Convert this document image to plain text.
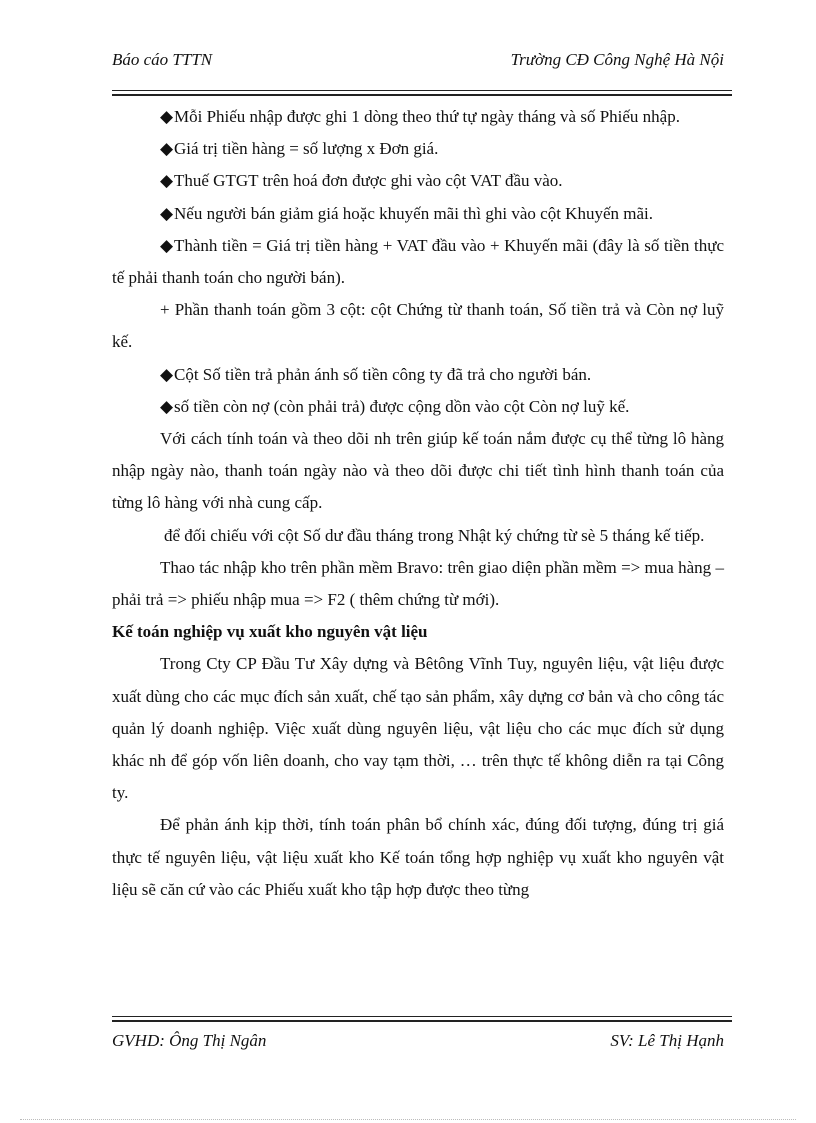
Báo cáo TTTN	Trường CĐ Công Nghệ Hà Nội

◆Mỗi Phiếu nhập được ghi 1 dòng theo thứ tự ngày tháng và số Phiếu nhập.

◆Giá trị tiền hàng = số lượng x Đơn giá.

◆Thuế GTGT trên hoá đơn được ghi vào cột VAT đầu vào.

◆Nếu người bán giảm giá hoặc khuyến mãi thì ghi vào cột Khuyến mãi.

◆Thành tiền = Giá trị tiền hàng + VAT đầu vào + Khuyến mãi (đây là số tiền thực tế phải thanh toán cho người bán).

+ Phần thanh toán gồm 3 cột: cột Chứng từ thanh toán, Số tiền trả và Còn nợ luỹ kế.

◆Cột Số tiền trả phản ánh số tiền công ty đã trả cho người bán.

◆số tiền còn nợ (còn phải trả) được cộng dồn vào cột Còn nợ luỹ kế.

Với cách tính toán và theo dõi nh trên giúp kế toán nắm được cụ thể từng lô hàng nhập ngày nào, thanh toán ngày nào và theo dõi được chi tiết tình hình thanh toán của từng lô hàng với nhà cung cấp.

để đối chiếu với cột Số dư đầu tháng trong Nhật ký chứng từ sè 5 tháng kế tiếp.

Thao tác nhập kho trên phần mềm Bravo: trên giao diện phần mềm => mua hàng – phải trả => phiếu nhập mua => F2 ( thêm chứng từ mới).

Kế toán nghiệp vụ xuất kho nguyên vật liệu

Trong Cty CP Đầu Tư Xây dựng và Bêtông Vĩnh Tuy, nguyên liệu, vật liệu được xuất dùng cho các mục đích sản xuất, chế tạo sản phẩm, xây dựng cơ bản và cho công tác quản lý doanh nghiệp. Việc xuất dùng nguyên liệu, vật liệu cho các mục đích sử dụng khác nh để góp vốn liên doanh, cho vay tạm thời, … trên thực tế không diễn ra tại Công ty.

Để phản ánh kịp thời, tính toán phân bổ chính xác, đúng đối tượng, đúng trị giá thực tế nguyên liệu, vật liệu xuất kho Kế toán tổng hợp nghiệp vụ xuất kho nguyên vật liệu sẽ căn cứ vào các Phiếu xuất kho tập hợp được theo từng

GVHD: Ông Thị Ngân	SV: Lê Thị Hạnh
